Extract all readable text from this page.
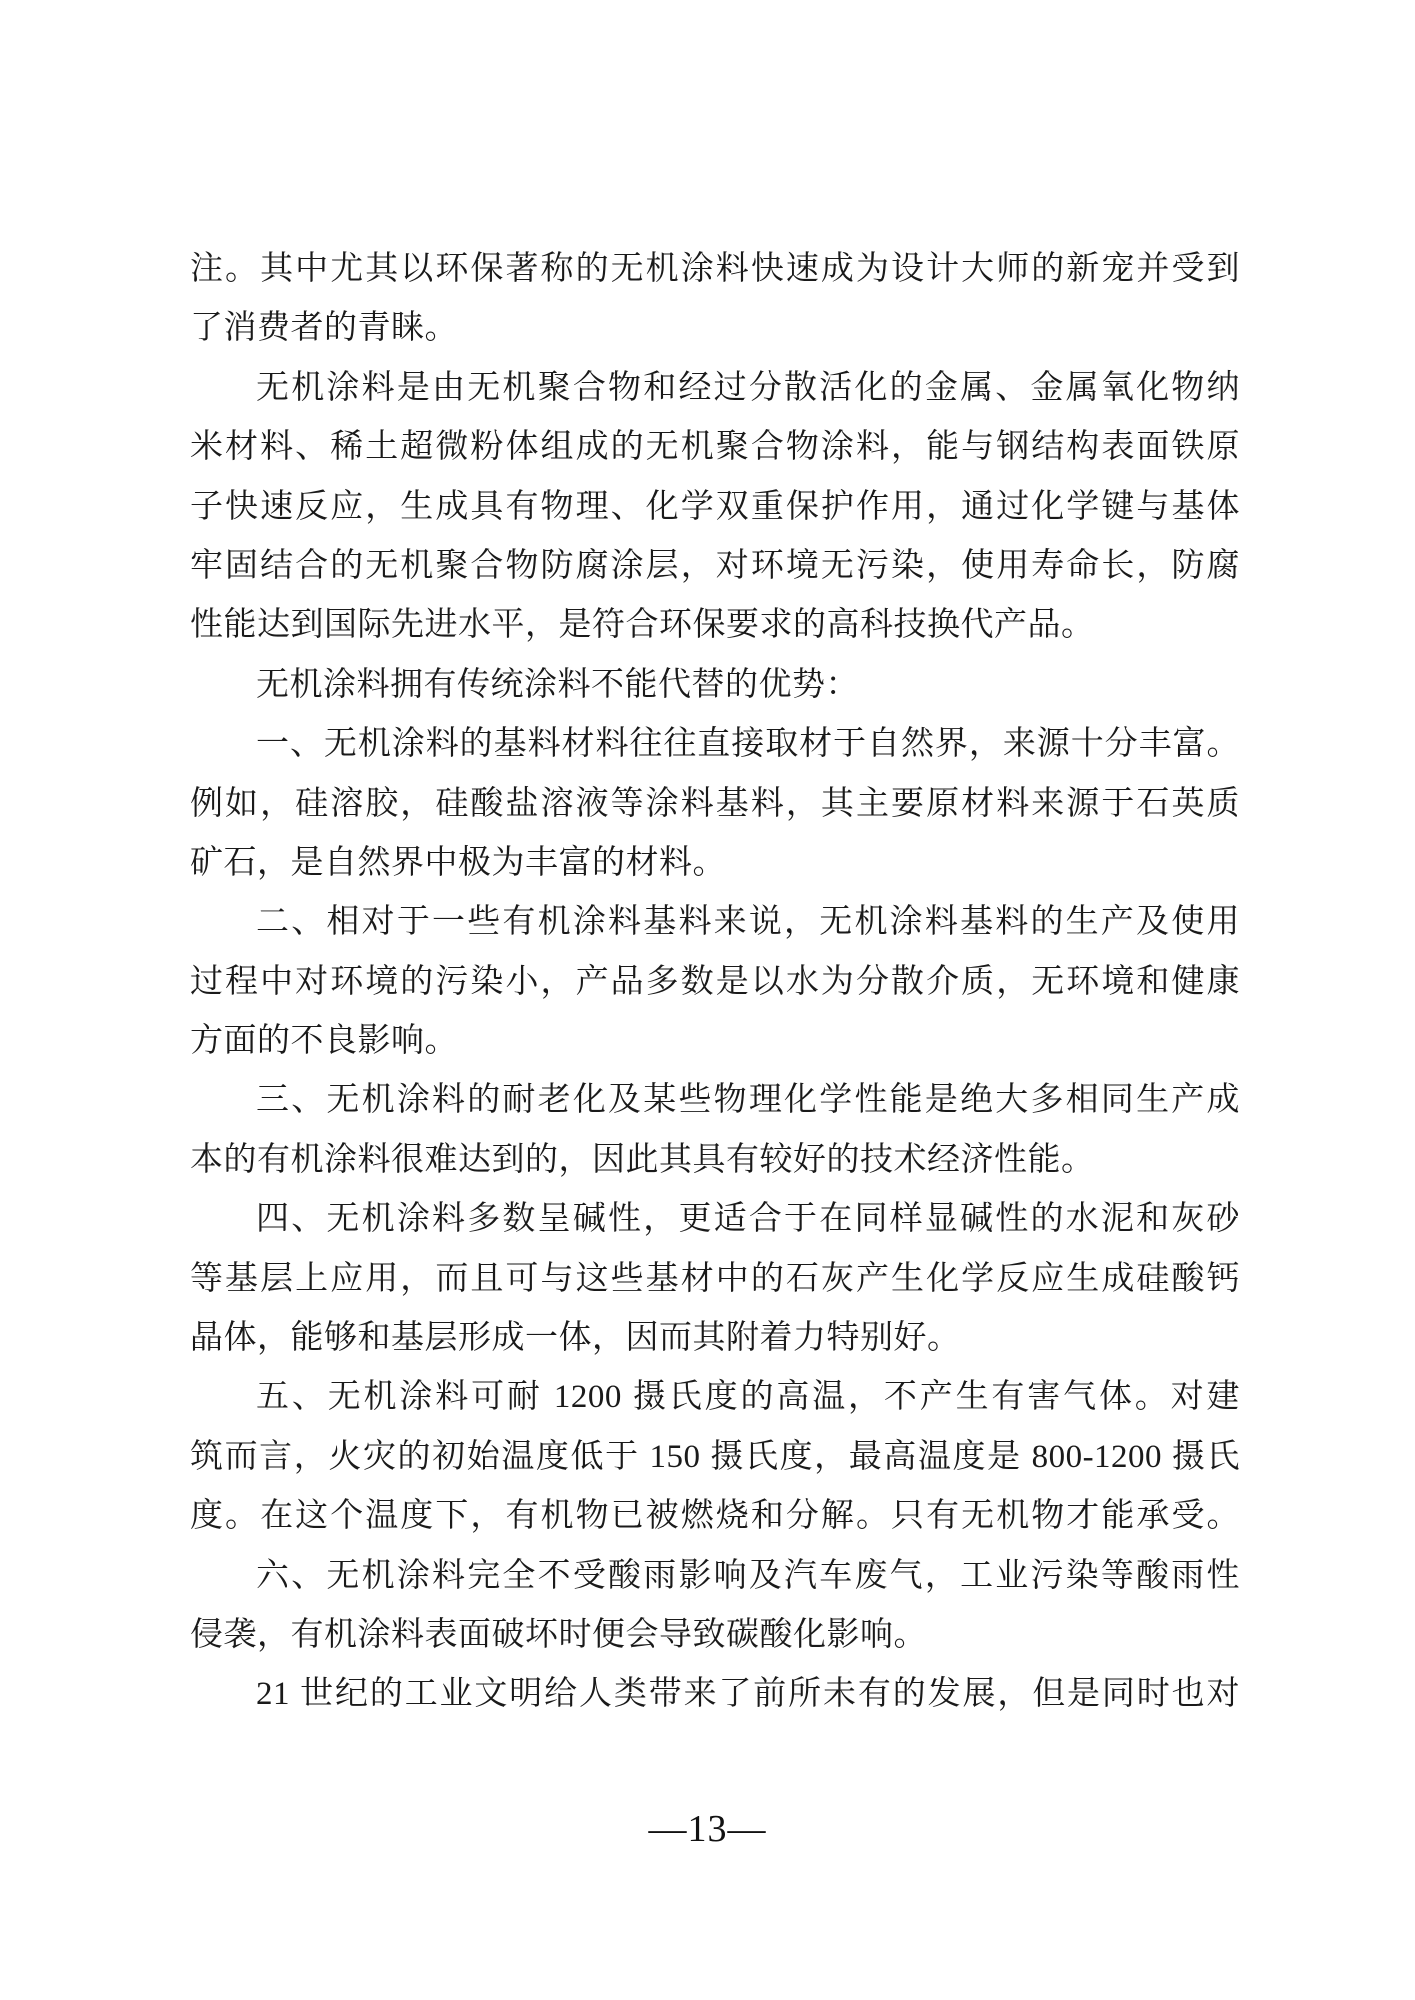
注。其中尤其以环保著称的无机涂料快速成为设计大师的新宠并受到
了消费者的青睐。
无机涂料是由无机聚合物和经过分散活化的金属、金属氧化物纳
米材料、稀土超微粉体组成的无机聚合物涂料，能与钢结构表面铁原
子快速反应，生成具有物理、化学双重保护作用，通过化学键与基体
牢固结合的无机聚合物防腐涂层，对环境无污染，使用寿命长，防腐
性能达到国际先进水平，是符合环保要求的高科技换代产品。
无机涂料拥有传统涂料不能代替的优势：
一、无机涂料的基料材料往往直接取材于自然界，来源十分丰富。
例如，硅溶胶，硅酸盐溶液等涂料基料，其主要原材料来源于石英质
矿石，是自然界中极为丰富的材料。
二、相对于一些有机涂料基料来说，无机涂料基料的生产及使用
过程中对环境的污染小，产品多数是以水为分散介质，无环境和健康
方面的不良影响。
三、无机涂料的耐老化及某些物理化学性能是绝大多相同生产成
本的有机涂料很难达到的，因此其具有较好的技术经济性能。
四、无机涂料多数呈碱性，更适合于在同样显碱性的水泥和灰砂
等基层上应用，而且可与这些基材中的石灰产生化学反应生成硅酸钙
晶体，能够和基层形成一体，因而其附着力特别好。
五、无机涂料可耐 1200 摄氏度的高温，不产生有害气体。对建
筑而言，火灾的初始温度低于 150 摄氏度，最高温度是 800-1200 摄氏
度。在这个温度下，有机物已被燃烧和分解。只有无机物才能承受。
六、无机涂料完全不受酸雨影响及汽车废气，工业污染等酸雨性
侵袭，有机涂料表面破坏时便会导致碳酸化影响。
21 世纪的工业文明给人类带来了前所未有的发展，但是同时也对
—13—
